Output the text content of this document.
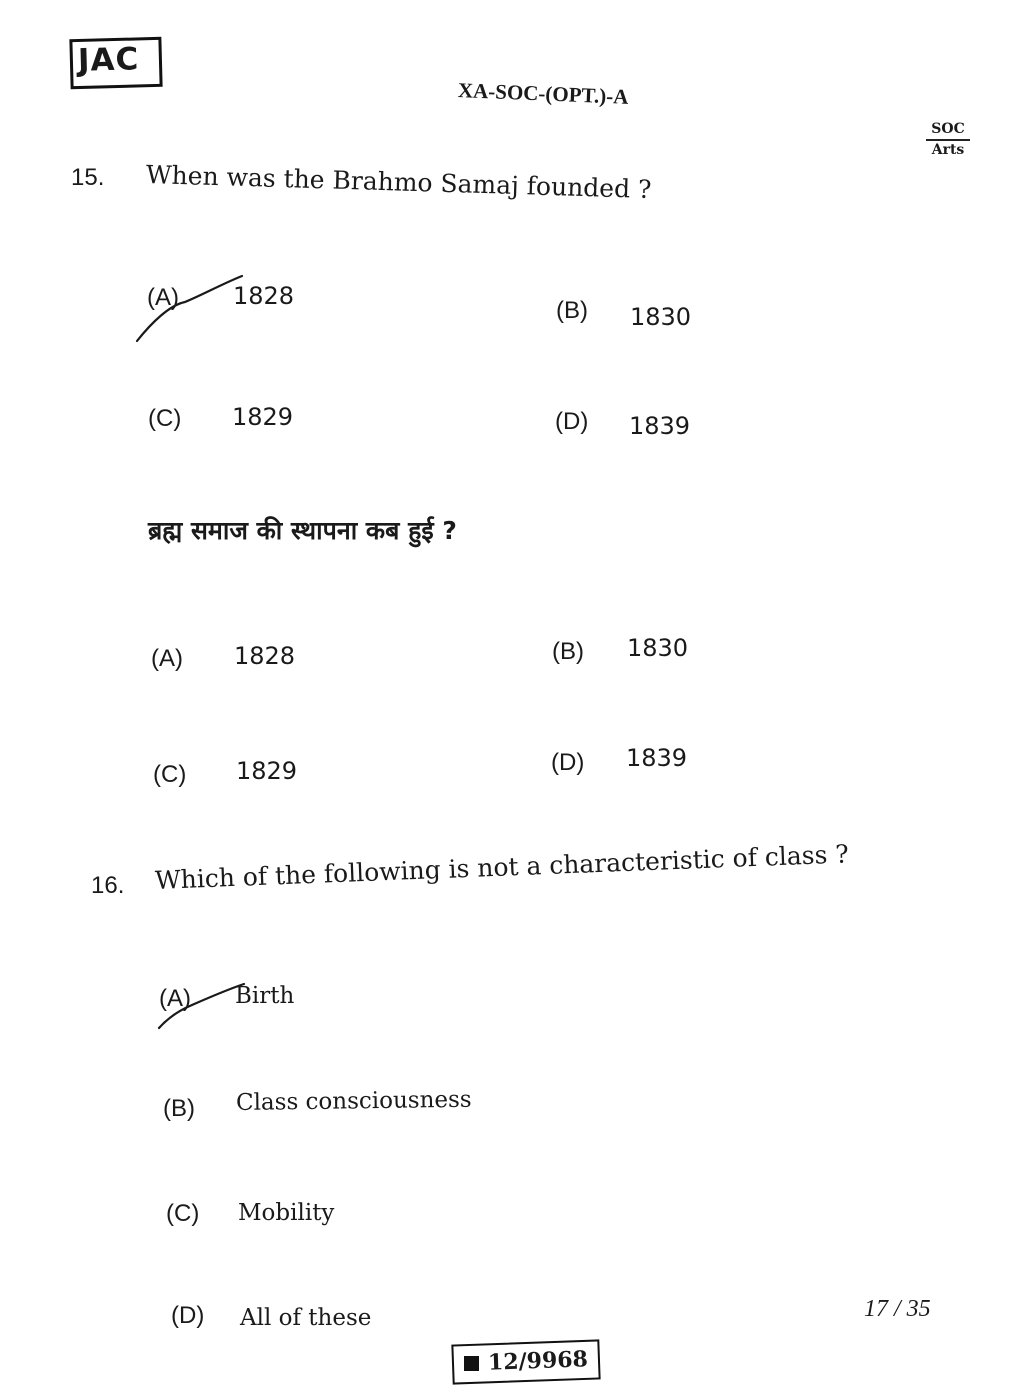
JAC
XA-SOC-(OPT.)-A
SOC
Arts
15. When was the Brahmo Samaj founded ?
(A) 1828
(B) 1830
(C) 1829	(D) 1839
ब्रह्म समाज की स्थापना कब हुई ?
(A) 1828	(B) 1830
(C) 1829	(D) 1839
16. Which of the following is not a characteristic of class ?
(A) Birth
(B) Class consciousness
(C) Mobility
(D) All of these	17 / 35
12/9968
